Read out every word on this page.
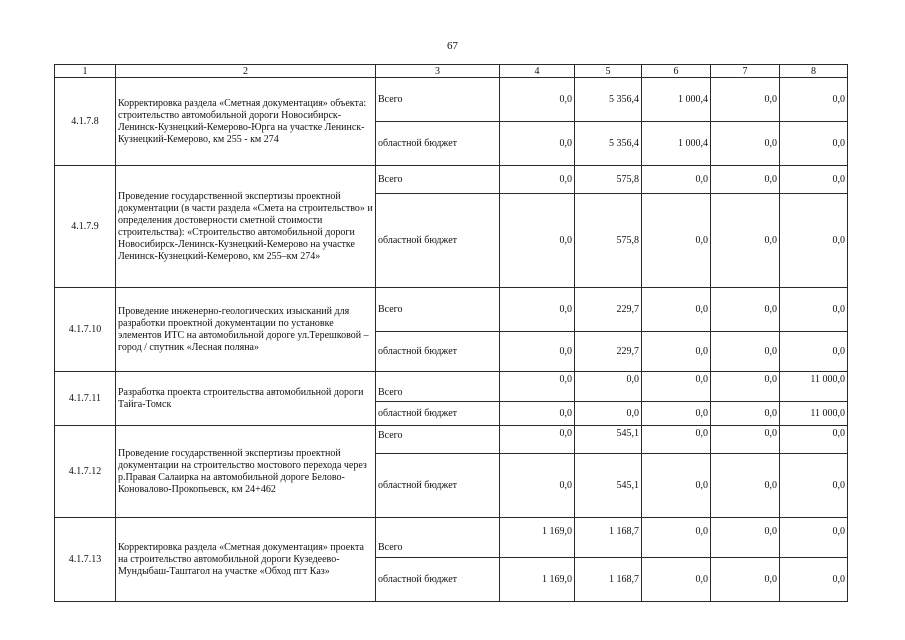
67
1	2	3	4	5	6	7	8
4.1.7.8	Корректировка раздела «Сметная документация» объекта: строительство автомобильной дороги Новосибирск-Ленинск-Кузнецкий-Кемерово-Юрга на участке Ленинск-Кузнецкий-Кемерово, км 255 - км 274	Всего	0,0	5 356,4	1 000,4	0,0	0,0
		областной бюджет	0,0	5 356,4	1 000,4	0,0	0,0
4.1.7.9	Проведение государственной экспертизы проектной документации (в части раздела «Смета на строительство» и определения достоверности сметной стоимости строительства): «Строительство автомобильной дороги Новосибирск-Ленинск-Кузнецкий-Кемерово на участке Ленинск-Кузнецкий-Кемерово, км 255–км 274»	Всего	0,0	575,8	0,0	0,0	0,0
		областной бюджет	0,0	575,8	0,0	0,0	0,0
4.1.7.10	Проведение инженерно-геологических изысканий для разработки проектной документации по установке элементов ИТС на автомобильной дороге ул.Терешковой – город / спутник «Лесная поляна»	Всего	0,0	229,7	0,0	0,0	0,0
		областной бюджет	0,0	229,7	0,0	0,0	0,0
4.1.7.11	Разработка проекта строительства автомобильной дороги Тайга-Томск	Всего	0,0	0,0	0,0	0,0	11 000,0
		областной бюджет	0,0	0,0	0,0	0,0	11 000,0
4.1.7.12	Проведение государственной экспертизы проектной документации на строительство мостового перехода через р.Правая Салаирка на автомобильной дороге Белово-Коновалово-Прокопьевск, км 24+462	Всего	0,0	545,1	0,0	0,0	0,0
		областной бюджет	0,0	545,1	0,0	0,0	0,0
4.1.7.13	Корректировка раздела «Сметная документация» проекта на строительство автомобильной дороги Кузедеево-Мундыбаш-Таштагол на участке «Обход пгт Каз»	Всего	1 169,0	1 168,7	0,0	0,0	0,0
		областной бюджет	1 169,0	1 168,7	0,0	0,0	0,0
